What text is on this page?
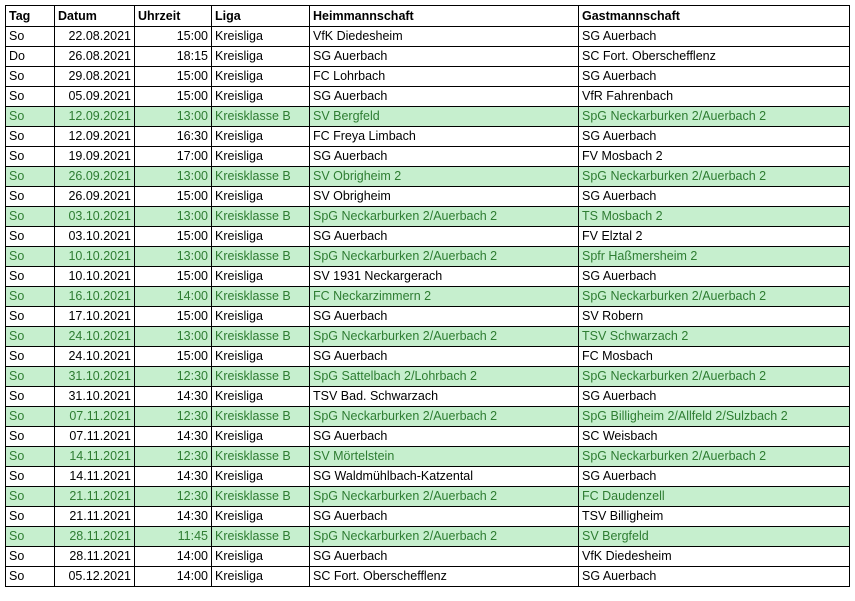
Tag	Datum	Uhrzeit	Liga	Heimmannschaft	Gastmannschaft
So	22.08.2021	15:00	Kreisliga	VfK Diedesheim	SG Auerbach
Do	26.08.2021	18:15	Kreisliga	SG Auerbach	SC Fort. Oberschefflenz
So	29.08.2021	15:00	Kreisliga	FC Lohrbach	SG Auerbach
So	05.09.2021	15:00	Kreisliga	SG Auerbach	VfR Fahrenbach
So	12.09.2021	13:00	Kreisklasse B	SV Bergfeld	SpG Neckarburken 2/Auerbach 2
So	12.09.2021	16:30	Kreisliga	FC Freya Limbach	SG Auerbach
So	19.09.2021	17:00	Kreisliga	SG Auerbach	FV Mosbach 2
So	26.09.2021	13:00	Kreisklasse B	SV Obrigheim 2	SpG Neckarburken 2/Auerbach 2
So	26.09.2021	15:00	Kreisliga	SV Obrigheim	SG Auerbach
So	03.10.2021	13:00	Kreisklasse B	SpG Neckarburken 2/Auerbach 2	TS Mosbach 2
So	03.10.2021	15:00	Kreisliga	SG Auerbach	FV Elztal 2
So	10.10.2021	13:00	Kreisklasse B	SpG Neckarburken 2/Auerbach 2	Spfr Haßmersheim 2
So	10.10.2021	15:00	Kreisliga	SV 1931 Neckargerach	SG Auerbach
So	16.10.2021	14:00	Kreisklasse B	FC Neckarzimmern 2	SpG Neckarburken 2/Auerbach 2
So	17.10.2021	15:00	Kreisliga	SG Auerbach	SV Robern
So	24.10.2021	13:00	Kreisklasse B	SpG Neckarburken 2/Auerbach 2	TSV Schwarzach 2
So	24.10.2021	15:00	Kreisliga	SG Auerbach	FC Mosbach
So	31.10.2021	12:30	Kreisklasse B	SpG Sattelbach 2/Lohrbach 2	SpG Neckarburken 2/Auerbach 2
So	31.10.2021	14:30	Kreisliga	TSV Bad. Schwarzach	SG Auerbach
So	07.11.2021	12:30	Kreisklasse B	SpG Neckarburken 2/Auerbach 2	SpG Billigheim 2/Allfeld 2/Sulzbach 2
So	07.11.2021	14:30	Kreisliga	SG Auerbach	SC Weisbach
So	14.11.2021	12:30	Kreisklasse B	SV Mörtelstein	SpG Neckarburken 2/Auerbach 2
So	14.11.2021	14:30	Kreisliga	SG Waldmühlbach-Katzental	SG Auerbach
So	21.11.2021	12:30	Kreisklasse B	SpG Neckarburken 2/Auerbach 2	FC Daudenzell
So	21.11.2021	14:30	Kreisliga	SG Auerbach	TSV Billigheim
So	28.11.2021	11:45	Kreisklasse B	SpG Neckarburken 2/Auerbach 2	SV Bergfeld
So	28.11.2021	14:00	Kreisliga	SG Auerbach	VfK Diedesheim
So	05.12.2021	14:00	Kreisliga	SC Fort. Oberschefflenz	SG Auerbach
